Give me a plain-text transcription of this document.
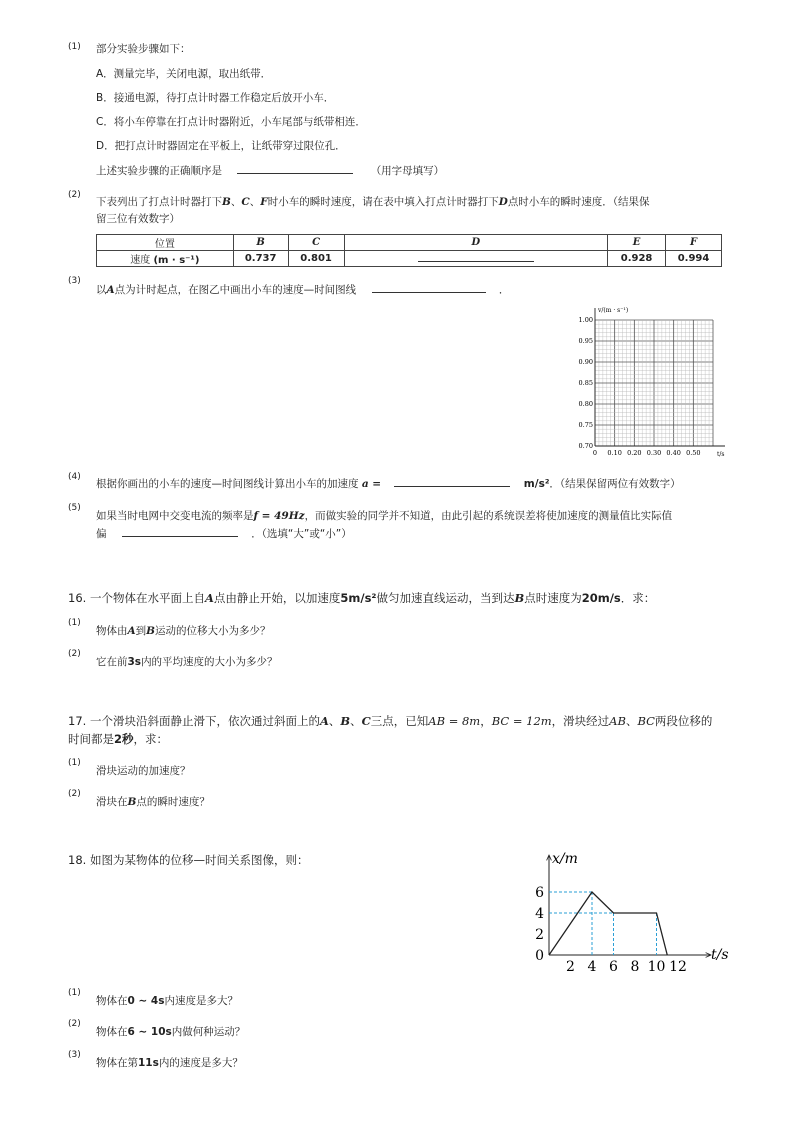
(1) 部分实验步骤如下：
A．测量完毕，关闭电源，取出纸带．
B．接通电源，待打点计时器工作稳定后放开小车．
C．将小车停靠在打点计时器附近，小车尾部与纸带相连．
D．把打点计时器固定在平板上，让纸带穿过限位孔．
上述实验步骤的正确顺序是	（用字母填写）
(2)
下表列出了打点计时器打下B、C、F时小车的瞬时速度，请在表中填入打点计时器打下D点时小车的瞬时速度．（结果保
留三位有效数字）
位置	B	C	D	E	F
速度 (m · s⁻¹)	0.737	0.801		0.928	0.994
(3)
以A点为计时起点，在图乙中画出小车的速度—时间图线	．
v/(m · s⁻¹)
t/s
0.70
0.75
0.80
0.85
0.90
0.95
1.00
0 0.10 0.20 0.30 0.40 0.50
(4)
根据你画出的小车的速度—时间图线计算出小车的加速度 a =	m/s²．（结果保留两位有效数字）
(5)
如果当时电网中交变电流的频率是f = 49Hz，而做实验的同学并不知道，由此引起的系统误差将使加速度的测量值比实际值
偏	．（选填“大”或“小”）
16. 一个物体在水平面上自A点由静止开始，以加速度5m/s²做匀加速直线运动，当到达B点时速度为20m/s．求：
(1)
物体由A到B运动的位移大小为多少？
(2)
它在前3s内的平均速度的大小为多少？
17. 一个滑块沿斜面静止滑下，依次通过斜面上的A、B、C三点，已知AB = 8m，BC = 12m，滑块经过AB、BC两段位移的
时间都是2秒，求：
(1)
滑块运动的加速度？
(2)
滑块在B点的瞬时速度？
18. 如图为某物体的位移—时间关系图像，则：	x/m
t/s
0
2
4
6
2 4 6 8 10 12
(1)
物体在0 ∼ 4s内速度是多大？
(2)
物体在6 ∼ 10s内做何种运动？
(3)
物体在第11s内的速度是多大？
